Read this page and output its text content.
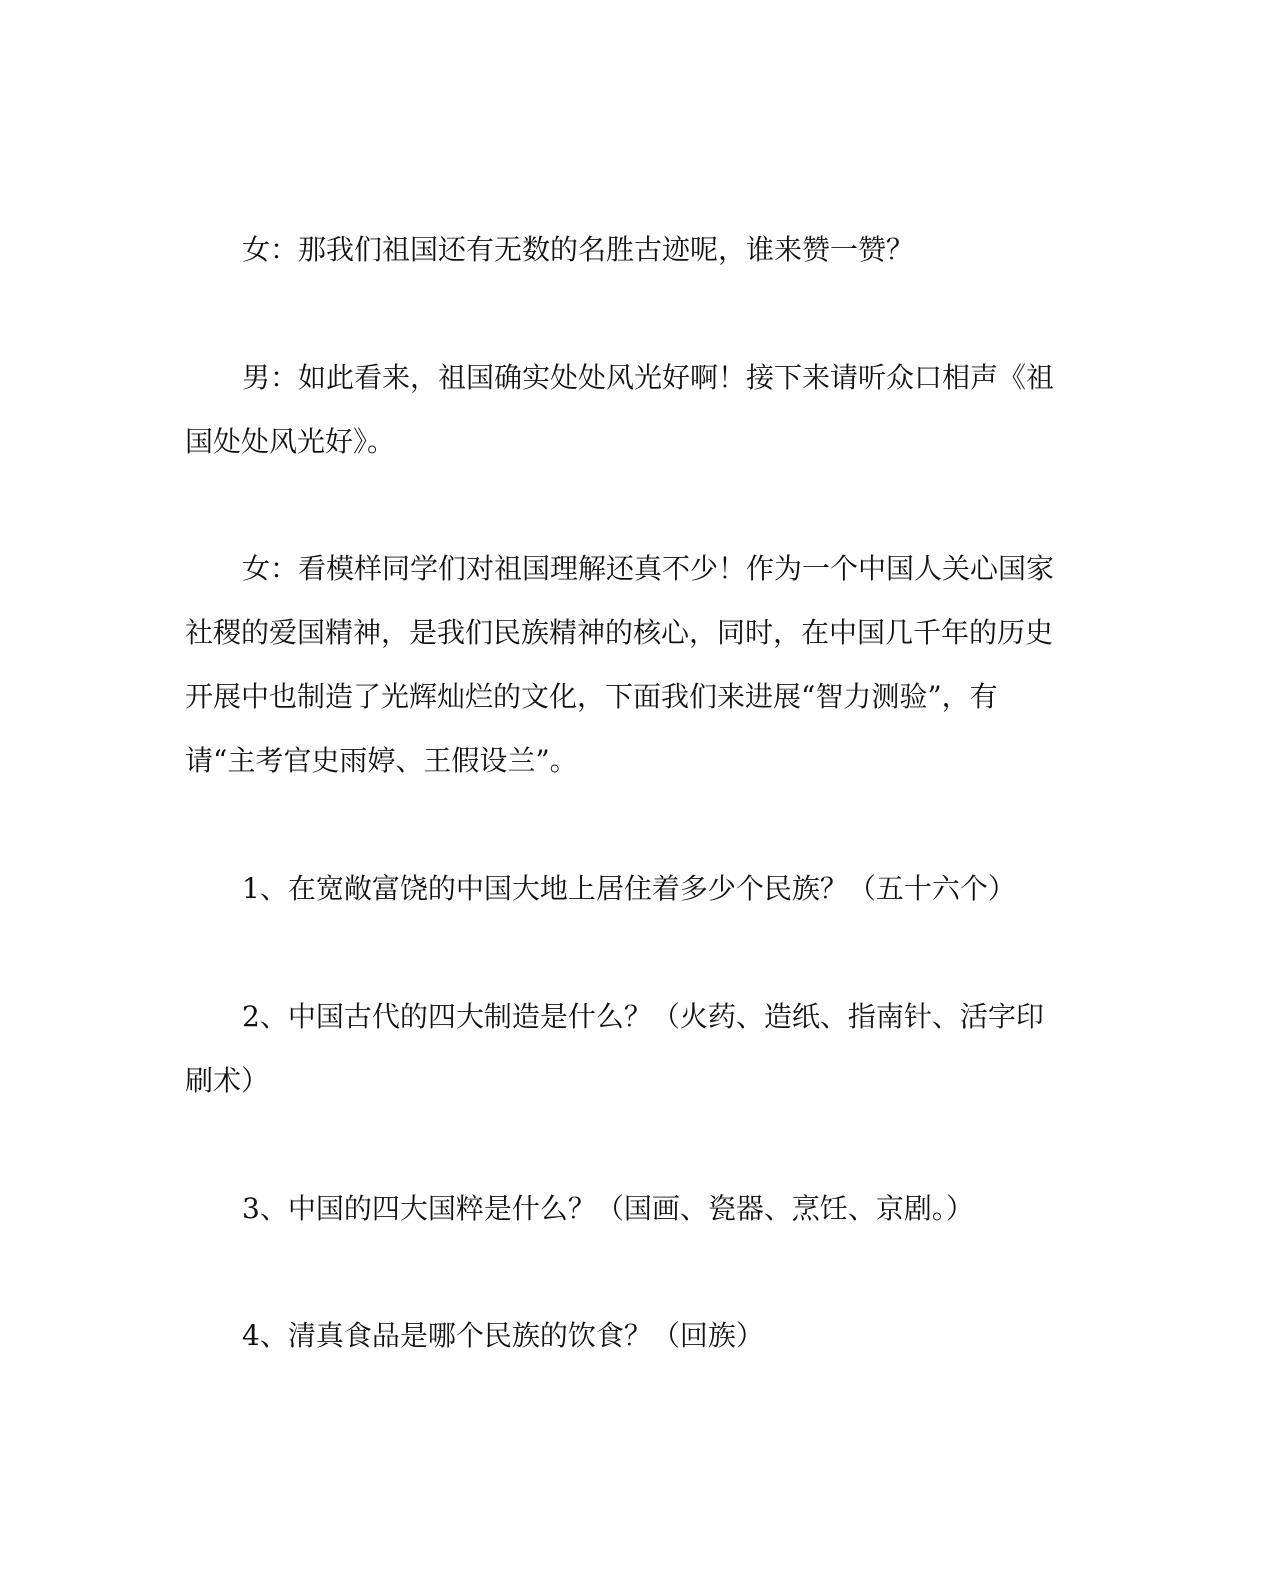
女：那我们祖国还有无数的名胜古迹呢，谁来赞一赞？

男：如此看来，祖国确实处处风光好啊！接下来请听众口相声《祖国处处风光好》。

女：看模样同学们对祖国理解还真不少！作为一个中国人关心国家社稷的爱国精神，是我们民族精神的核心，同时，在中国几千年的历史开展中也制造了光辉灿烂的文化，下面我们来进展“智力测验”，有请“主考官史雨婷、王假设兰”。

1、在宽敞富饶的中国大地上居住着多少个民族？（五十六个）

2、中国古代的四大制造是什么？（火药、造纸、指南针、活字印刷术）

3、中国的四大国粹是什么？（国画、瓷器、烹饪、京剧。）

4、清真食品是哪个民族的饮食？（回族）
